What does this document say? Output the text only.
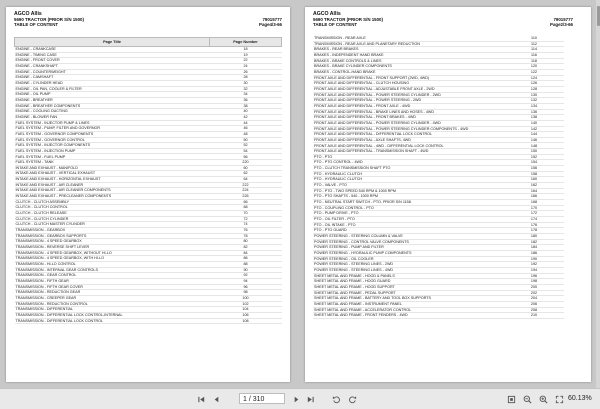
AGCO Allis
5690 TRACTOR (PRIOR S/N 1500)
TABLE OF CONTENT
79015777
Page4/3-66
Page Title	Page Number
ENGINE - CRANKCASE	18
ENGINE - TIMING CASE	19
ENGINE - FRONT COVER	22
ENGINE - CRANKSHAFT	24
ENGINE - COUNTERWEIGHT	26
ENGINE - CAMSHAFT	28
ENGINE - CYLINDER HEAD	30
ENGINE - OIL PAN, COOLER & FILTER	32
ENGINE - OIL PUMP	34
ENGINE - BREATHER	36
ENGINE - BREATHER COMPONENTS	38
ENGINE - COOLING DUCTING	40
ENGINE - BLOWER FAN	42
FUEL SYSTEM - INJECTOR PUMP & LINES	44
FUEL SYSTEM - PUMP, FILTER AND GOVERNOR	46
FUEL SYSTEM - GOVERNOR COMPONENTS	48
FUEL SYSTEM - GOVERNOR CONTROL	50
FUEL SYSTEM - INJECTOR COMPONENTS	52
FUEL SYSTEM - INJECTION PUMP	54
FUEL SYSTEM - FUEL PUMP	56
FUEL SYSTEM - TANK	220
INTAKE AND EXHAUST - MANIFOLD	60
INTAKE AND EXHAUST - VERTICAL EXHAUST	62
INTAKE AND EXHAUST - HORIZONTAL EXHAUST	64
INTAKE AND EXHAUST - AIR CLEANER	222
INTAKE AND EXHAUST - AIR CLEANER COMPONENTS	224
INTAKE AND EXHAUST - PRECLEANER COMPONENTS	226
CLUTCH - CLUTCH ASSEMBLY	66
CLUTCH - CLUTCH CONTROL	68
CLUTCH - CLUTCH RELEASE	70
CLUTCH - CLUTCH CYLINDER	72
CLUTCH - CLUTCH MASTER CYLINDER	74
TRANSMISSION - GEARBOX	76
TRANSMISSION - GEARBOX SUPPORTS	78
TRANSMISSION - 4 SPEED GEARBOX	80
TRANSMISSION - REVERSE SHIFT LEVER	82
TRANSMISSION - 4 SPEED GEARBOX, WITHOUT HI-LO	84
TRANSMISSION - 4 SPEED GEARBOX, WITH HI-LO	86
TRANSMISSION - HI-LO CONTROL	88
TRANSMISSION - INTERNAL GEAR CONTROLS	90
TRANSMISSION - GEAR CONTROL	92
TRANSMISSION - FIFTH GEAR	94
TRANSMISSION - FIFTH GEAR COVER	96
TRANSMISSION - REDUCTION GEAR	98
TRANSMISSION - CREEPER GEAR	100
TRANSMISSION - REDUCTION CONTROL	102
TRANSMISSION - DIFFERENTIAL	104
TRANSMISSION - DIFFERENTIAL LOCK CONTROL-INTERNAL	106
TRANSMISSION - DIFFERENTIAL LOCK CONTROL	108
AGCO Allis
5690 TRACTOR (PRIOR S/N 1500)
TABLE OF CONTENT
79015777
Page2/3-66
TRANSMISSION - REAR AXLE	110
TRANSMISSION - REAR AXLE AND PLANETARY REDUCTION	112
BRAKES - REAR BRAKES	114
BRAKES - INDEPENDENT HAND BRAKE	116
BRAKES - BRAKE CONTROLS & LINES	118
BRAKES - BRAKE CYLINDER COMPONENTS	120
BRAKES - CONTROL-HAND BRAKE	122
FRONT AXLE AND DIFFERENTIAL - FRONT SUPPORT (2WD, 4WD)	124
FRONT AXLE AND DIFFERENTIAL - CLUTCH HOUSING	126
FRONT AXLE AND DIFFERENTIAL - ADJUSTABLE FRONT AXLE - 2WD	128
FRONT AXLE AND DIFFERENTIAL - POWER STEERING CYLINDER - 2WD	130
FRONT AXLE AND DIFFERENTIAL - POWER STEERING - 2WD	132
FRONT AXLE AND DIFFERENTIAL - FRONT AXLE - 4WD	134
FRONT AXLE AND DIFFERENTIAL - BRAKE LINES AND HOSES - 4WD	136
FRONT AXLE AND DIFFERENTIAL - FRONT BRAKES - 4WD	138
FRONT AXLE AND DIFFERENTIAL - POWER STEERING CYLINDER - 4WD	140
FRONT AXLE AND DIFFERENTIAL - POWER STEERING CYLINDER COMPONENTS - 4WD	142
FRONT AXLE AND DIFFERENTIAL - DIFFERENTIAL LOCK CONTROL	144
FRONT AXLE AND DIFFERENTIAL - AXLE SHAFTS, 4WD	146
FRONT AXLE AND DIFFERENTIAL - 4WD - DIFFERENTIAL LOCK CONTROL	148
FRONT AXLE AND DIFFERENTIAL - TRANSMISSION SHAFT - 4WD	150
PTO - PTO	152
PTO - PTO CONTROL - 4WD	154
PTO - CLUTCH TRANSMISSION SHAFT PTO	156
PTO - HYDRAULIC CLUTCH	158
PTO - HYDRAULIC CLUTCH	160
PTO - VALVE - PTO	162
PTO - PTO - TWO SPEED 540 RPM & 1000 RPM	164
PTO - PTO SHAFTS - 540 - 1000 RPM	166
PTO - NEUTRAL START SWITCH - PTO, PRIOR S/N 1158	168
PTO - COUPLING CONTROL - PTO	170
PTO - PUMP DRIVE - PTO	172
PTO - OIL FILTER - PTO	174
PTO - OIL INTAKE - PTO	176
PTO - PTO GUARD	178
POWER STEERING - STEERING COLUMN & VALVE	180
POWER STEERING - CONTROL VALVE COMPONENTS	182
POWER STEERING - PUMP AND FILTER	184
POWER STEERING - HYDRAULIC PUMP COMPONENTS	186
POWER STEERING - OIL COOLER	190
POWER STEERING - STEERING LINES - 2WD	192
POWER STEERING - STEERING LINES - 4WD	194
SHEET METAL AND FRAME - HOOD & PANELS	196
SHEET METAL AND FRAME - HOOD GUARD	198
SHEET METAL AND FRAME - HOOD SUPPORT	200
SHEET METAL AND FRAME - PEDAL SUPPORT	202
SHEET METAL AND FRAME - BATTERY AND TOOL BOX SUPPORTS	204
SHEET METAL AND FRAME - INSTRUMENT PANEL	206
SHEET METAL AND FRAME - ACCELERATOR CONTROL	208
SHEET METAL AND FRAME - FRONT FENDERS - 4WD	210
1 / 310	60.13%
